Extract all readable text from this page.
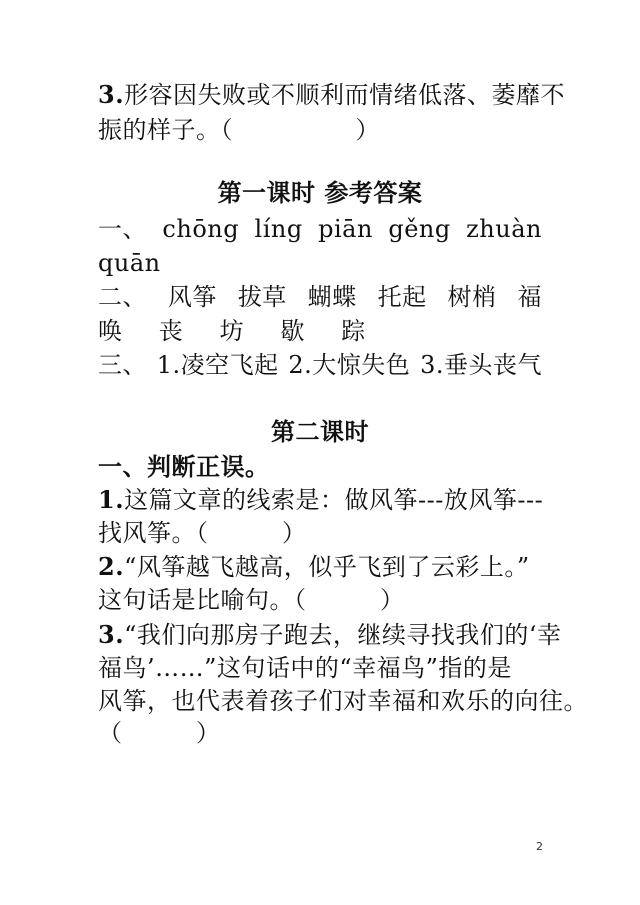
3.形容因失败或不顺利而情绪低落、萎靡不
振的样子。（　　　　　）
第一课时 参考答案
一、 chōng líng piān gěng zhuàn
quān
二、 风筝 拔草 蝴蝶 托起 树梢 福
唤 丧 坊 歇 踪
三、 1.凌空飞起 2.大惊失色 3.垂头丧气
第二课时
一、判断正误。
1.这篇文章的线索是：做风筝---放风筝---
找风筝。（　　　）
2.“风筝越飞越高，似乎飞到了云彩上。”
这句话是比喻句。（　　　）
3.“我们向那房子跑去，继续寻找我们的‘幸
福鸟’……”这句话中的“幸福鸟”指的是
风筝，也代表着孩子们对幸福和欢乐的向往。
（　　　）
2
